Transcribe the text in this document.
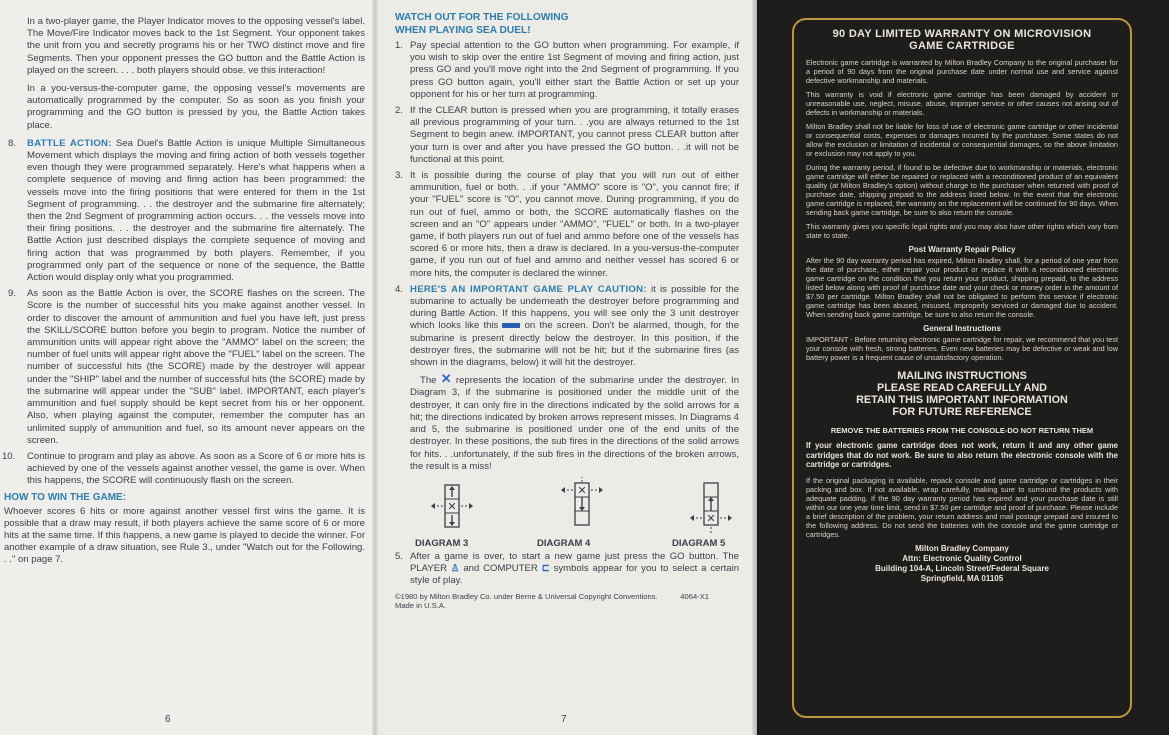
In a two-player game, the Player Indicator moves to the opposing vessel's label. The Move/Fire Indicator moves back to the 1st Segment. Your opponent takes the unit from you and secretly programs his or her TWO distinct move and fire Segments. Then your opponent presses the GO button and the Battle Action is played on the screen. . . . both players should obse. ve this interaction!

In a you-versus-the-computer game, the opposing vessel's movements are automatically programmed by the computer. So as soon as you finish your programming and the GO button is pressed by you, the Battle Action takes place.

8. BATTLE ACTION: Sea Duel's Battle Action is unique Multiple Simultaneous Movement which displays the moving and firing action of both vessels together even though they were programmed separately. Here's what happens when a complete sequence of moving and firing action has been programmed: the vessels move into the firing positions that were entered for them in the 1st Segment of programming. . . the destroyer and the submarine fire alternately; then the 2nd Segment of programming action occurs. . . the vessels move into their firing positions. . . the destroyer and the submarine fire alternately. The Battle Action just described displays the complete sequence of moving and firing action that was programmed by both players. Remember, if you programmed only part of the sequence or none of the sequence, the Battle Action would display only what you programmed.
9. As soon as the Battle Action is over, the SCORE flashes on the screen. The Score is the number of successful hits you make against another vessel. In order to discover the amount of ammunition and fuel you have left, just press the SKILL/SCORE button before you begin to program. Notice the number of ammunition units will appear right above the "AMMO" label on the screen; the number of fuel units will appear right above the "FUEL" label on the screen. The number of successful hits (the SCORE) made by the destroyer will appear under the "SHIP" label and the number of successful hits (the SCORE) made by the submarine will appear under the "SUB" label. IMPORTANT, each player's ammunition and fuel supply should be kept secret from his or her opponent. Also, when playing against the computer, remember the computer has an unlimited supply of ammunition and fuel, so its amount never appears on the screen.
10. Continue to program and play as above. As soon as a Score of 6 or more hits is achieved by one of the vessels against another vessel, the game is over. When this happens, the SCORE will continuously flash on the screen.
HOW TO WIN THE GAME:

Whoever scores 6 hits or more against another vessel first wins the game. It is possible that a draw may result, if both players achieve the same score of 6 or more hits at the same time. If this happens, a new game is played to decide the winner. For another example of a draw situation, see Rule 3., under "Watch out for the Following. . ." on page 7.

6
WATCH OUT FOR THE FOLLOWING
WHEN PLAYING SEA DUEL!
1. Pay special attention to the GO button when programming. For example, if you wish to skip over the entire 1st Segment of moving and firing action, just press GO and you'll move right into the 2nd Segment of programming. If you press GO button again, you'll either start the Battle Action or set up your opponent for his or her turn at programming.
2. If the CLEAR button is pressed when you are programming, it totally erases all previous programming of your turn. . .you are always returned to the 1st Segment to begin anew. IMPORTANT, you cannot press CLEAR button after your turn is over and after you have pressed the GO button. . .it will not be functional at this point.
3. It is possible during the course of play that you will run out of either ammunition, fuel or both. . .if your "AMMO" score is "O", you cannot fire; if your "FUEL" score is "O", you cannot move. During programming, if you do run out of fuel, ammo or both, the SCORE automatically flashes on the screen and an "O" appears under "AMMO", "FUEL" or both. In a two-player game, if both players run out of fuel and ammo before one of the vessels has scored 6 or more hits, then a draw is declared. In a you-versus-the-computer game, if you run out of fuel and ammo and neither vessel has scored 6 or more hits, the computer is declared the winner.
4. HERE'S AN IMPORTANT GAME PLAY CAUTION: it is possible for the submarine to actually be underneath the destroyer before programming and during Battle Action. If this happens, you will see only the 3 unit destroyer which looks like this	on the screen. Don't be alarmed, though, for the submarine is present directly below the destroyer. In this position, if the destroyer fires, the submarine will not be hit; but if the submarine fires (as shown in the diagrams, below) it will hit the destroyer.

The ✕ represents the location of the submarine under the destroyer. In Diagram 3, if the submarine is positioned under the middle unit of the destroyer, it can only fire in the directions indicated by the solid arrows for a hit; the directions indicated by broken arrows represent misses. In Diagrams 4 and 5, the submarine is positioned under one of the end units of the destroyer. In these positions, the sub fires in the directions of the solid arrows for hits. . .unfortunately, if the sub fires in the directions of the broken arrows, the result is a miss!

✕
DIAGRAM 3
✕
DIAGRAM 4
✕
DIAGRAM 5
5. After a game is over, to start a new game just press the GO button. The PLAYER ♙ and COMPUTER ⊏ symbols appear for you to select a certain style of play.
©1980 by Milton Bradley Co. under Berne & Universal Copyright Conventions.
Made in U.S.A.
4064-X1
7
90 DAY LIMITED WARRANTY ON MICROVISION
GAME CARTRIDGE

Electronic game cartridge is warranted by Milton Bradley Company to the original purchaser for a period of 90 days from the original purchase date under normal use and service against defective workmanship and materials.

This warranty is void if electronic game cartridge has been damaged by accident or unreasonable use, neglect, misuse, abuse, improper service or other causes not arising out of defects in workmanship or materials.

Milton Bradley shall not be liable for loss of use of electronic game cartridge or other incidental or consequential costs, expenses or damages incurred by the purchaser. Some states do not allow the exclusion or limitation of incidental or consequential damages, so the above limitation or exclusion may not apply to you.

During the warranty period, if found to be defective due to workmanship or materials, electronic game cartridge will either be repaired or replaced with a reconditioned product of an equivalent quality (at Milton Bradley's option) without charge to the purchaser when returned with proof of purchase date, shipping prepaid to the address listed below. In the event that the electronic game cartridge is replaced, the warranty on the replacement will be continued for 90 days. When sending back game cartridge, be sure to also return the console.

This warranty gives you specific legal rights and you may also have other rights which vary from state to state.

Post Warranty Repair Policy

After the 90 day warranty period has expired, Milton Bradley shall, for a period of one year from the date of purchase, either repair your product or replace it with a reconditioned electronic game cartridge on the condition that you return your product, shipping prepaid, to the address listed below along with proof of purchase date and your check or money order in the amount of $7.50 per cartridge. Milton Bradley shall not be obligated to perform this service if electronic game cartridge has been abused, misused, improperly serviced or damaged due to accident. When sending back game cartridge, be sure to also return the console.

General Instructions

IMPORTANT - Before returning electronic game cartridge for repair, we recommend that you test your console with fresh, strong batteries. Even new batteries may be defective or weak and low battery power is a frequent cause of unsatisfactory operation.

MAILING INSTRUCTIONS
PLEASE READ CAREFULLY AND
RETAIN THIS IMPORTANT INFORMATION
FOR FUTURE REFERENCE
REMOVE THE BATTERIES FROM THE CONSOLE-DO NOT RETURN THEM

If your electronic game cartridge does not work, return it and any other game cartridges that do not work. Be sure to also return the electronic console with the cartridge or cartridges.

If the original packaging is available, repack console and game cartridge or cartridges in their packing and box. If not available, wrap carefully, making sure to surround the products with adequate padding. If the 90 day warranty period has expired and your purchase date is still within our one year time limit, send in $7.50 per cartridge and proof of purchase. Please include a brief description of the problem, your return address and mail postage prepaid and insured to the following address. Do not send the batteries with the console and the game cartridge or cartridges.

Milton Bradley Company
Attn: Electronic Quality Control
Building 104-A, Lincoln Street/Federal Square
Springfield, MA 01105
